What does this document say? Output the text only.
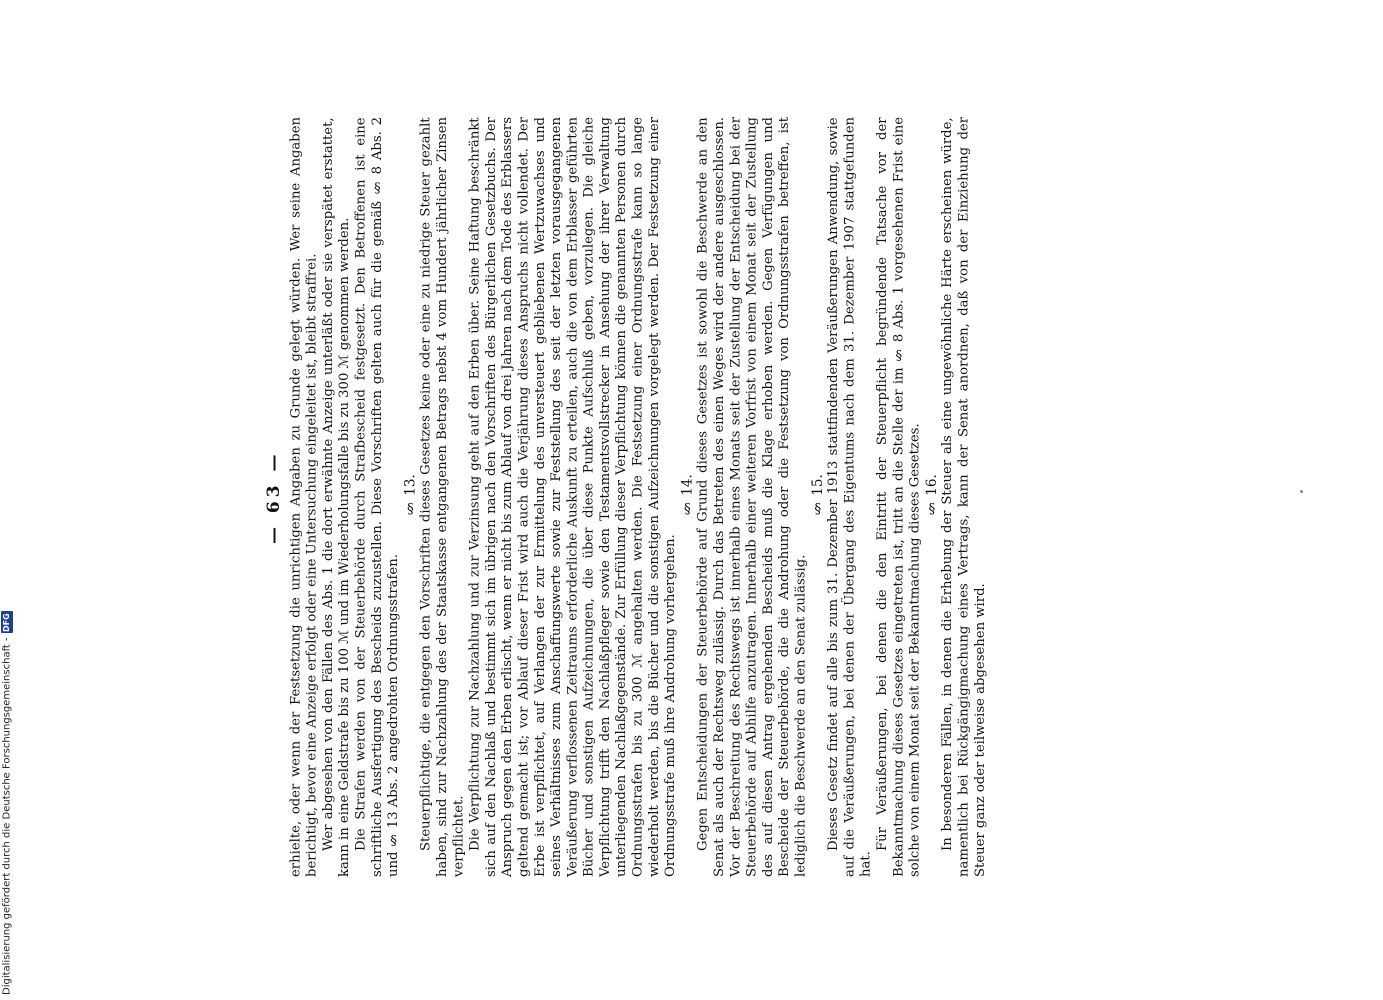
— 63 — erhielte, oder wenn der Festsetzung die unrichtigen Angaben zu Grunde gelegt würden. Wer seine Angaben berichtigt, bevor eine Anzeige erfolgt oder eine Untersuchung eingeleitet ist, bleibt straffrei. Wer abgesehen von den Fällen des Abs. 1 die dort erwähnte Anzeige unterläßt oder sie verspätet erstattet, kann in eine Geldstrafe bis zu 100 ℳ und im Wiederholungsfalle bis zu 300 ℳ genommen werden. Die Strafen werden von der Steuerbehörde durch Strafbescheid festgesetzt. Den Betroffenen ist eine schriftliche Ausfertigung des Bescheids zuzustellen. Diese Vorschriften gelten auch für die gemäß § 8 Abs. 2 und § 13 Abs. 2 angedrohten Ordnungsstrafen.

§ 13. Steuerpflichtige, die entgegen den Vorschriften dieses Gesetzes keine oder eine zu niedrige Steuer gezahlt haben, sind zur Nachzahlung des der Staatskasse entgangenen Betrags nebst 4 vom Hundert jährlicher Zinsen verpflichtet. Die Verpflichtung zur Nachzahlung und zur Verzinsung geht auf den Erben über. Seine Haftung beschränkt sich auf den Nachlaß und bestimmt sich im übrigen nach den Vorschriften des Bürgerlichen Gesetzbuchs. Der Anspruch gegen den Erben erlischt, wenn er nicht bis zum Ablauf von drei Jahren nach dem Tode des Erblassers geltend gemacht ist; vor Ablauf dieser Frist wird auch die Verjährung dieses Anspruchs nicht vollendet. Der Erbe ist verpflichtet, auf Verlangen der zur Ermittelung des unversteuert gebliebenen Wertzuwachses und seines Verhältnisses zum Anschaffungswerte sowie zur Feststellung des seit der letzten vorausgegangenen Veräußerung verflossenen Zeitraums erforderliche Auskunft zu erteilen, auch die von dem Erblasser geführten Bücher und sonstigen Aufzeichnungen, die über diese Punkte Aufschluß geben, vorzulegen. Die gleiche Verpflichtung trifft den Nachlaßpfleger sowie den Testamentsvollstrecker in Ansehung der ihrer Verwaltung unterliegenden Nachlaßgegenstände. Zur Erfüllung dieser Verpflichtung können die genannten Personen durch Ordnungsstrafen bis zu 300 ℳ angehalten werden. Die Festsetzung einer Ordnungsstrafe kann so lange wiederholt werden, bis die Bücher und die sonstigen Aufzeichnungen vorgelegt werden. Der Festsetzung einer Ordnungsstrafe muß ihre Androhung vorhergehen.

§ 14. Gegen Entscheidungen der Steuerbehörde auf Grund dieses Gesetzes ist sowohl die Beschwerde an den Senat als auch der Rechtsweg zulässig. Durch das Betreten des einen Weges wird der andere ausgeschlossen. Vor der Beschreitung des Rechtswegs ist innerhalb eines Monats seit der Zustellung der Entscheidung bei der Steuerbehörde auf Abhilfe anzutragen. Innerhalb einer weiteren Vorfrist von einem Monat seit der Zustellung des auf diesen Antrag ergehenden Bescheids muß die Klage erhoben werden. Gegen Verfügungen und Bescheide der Steuerbehörde, die die Androhung oder die Festsetzung von Ordnungsstrafen betreffen, ist lediglich die Beschwerde an den Senat zulässig.

§ 15. Dieses Gesetz findet auf alle bis zum 31. Dezember 1913 stattfindenden Veräußerungen Anwendung, sowie auf die Veräußerungen, bei denen der Übergang des Eigentums nach dem 31. Dezember 1907 stattgefunden hat.

Für Veräußerungen, bei denen die den Eintritt der Steuerpflicht begründende Tatsache vor der Bekanntmachung dieses Gesetzes eingetreten ist, tritt an die Stelle der im § 8 Abs. 1 vorgesehenen Frist eine solche von einem Monat seit der Bekanntmachung dieses Gesetzes. § 16. In besonderen Fällen, in denen die Erhebung der Steuer als eine ungewöhnliche Härte erscheinen würde, namentlich bei Rückgängigmachung eines Vertrags, kann der Senat anordnen, daß von der Einziehung der Steuer ganz oder teilweise abgesehen wird.

Digitalisierung gefördert durch die Deutsche Forschungsgemeinschaft -
DFG
